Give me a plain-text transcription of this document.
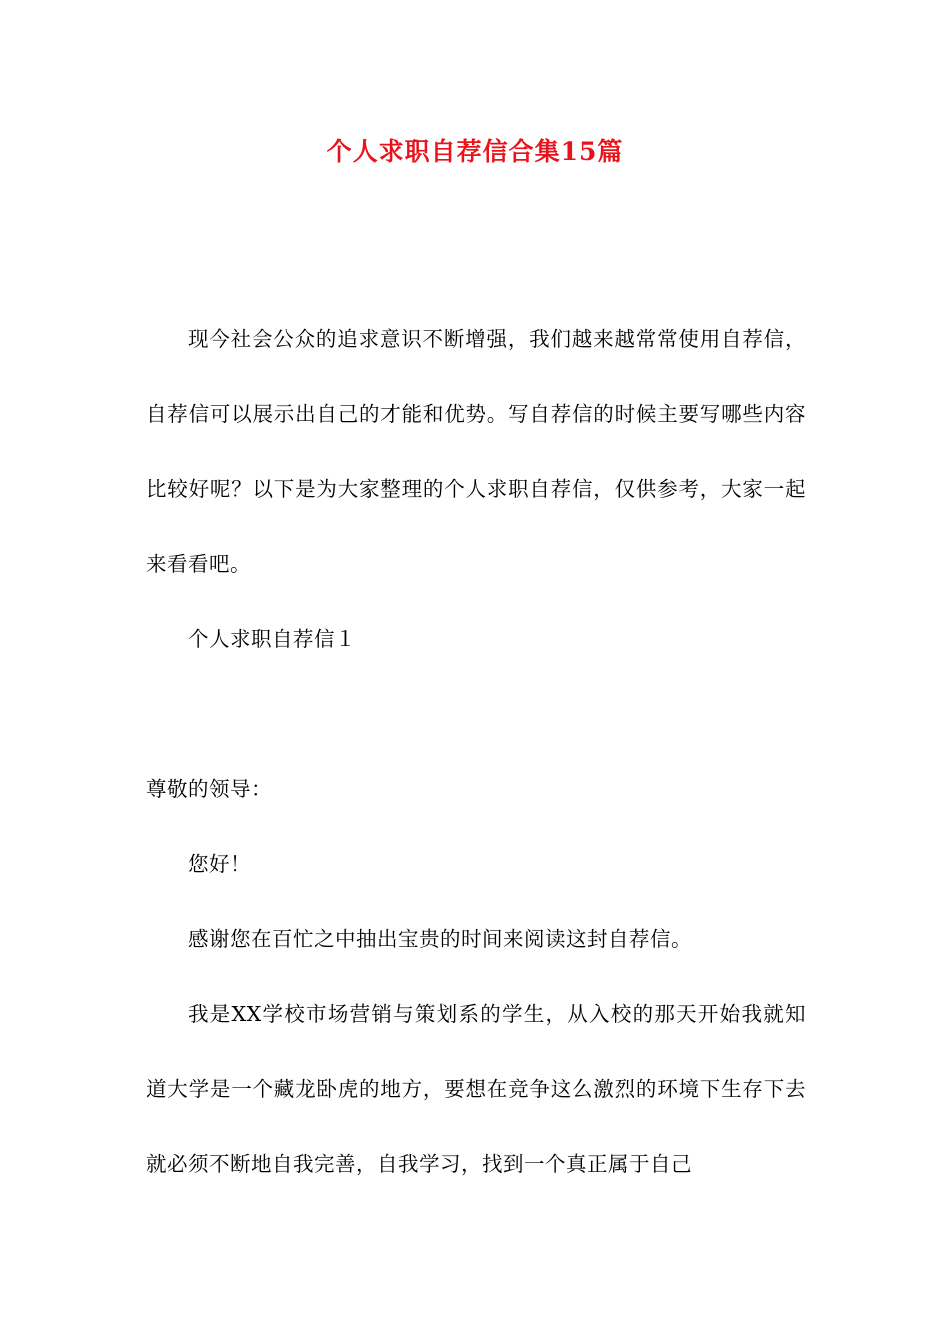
个人求职自荐信合集15篇

现今社会公众的追求意识不断增强，我们越来越常常使用自荐信，自荐信可以展示出自己的才能和优势。写自荐信的时候主要写哪些内容比较好呢？以下是为大家整理的个人求职自荐信，仅供参考，大家一起来看看吧。

个人求职自荐信１

尊敬的领导：

您好！

感谢您在百忙之中抽出宝贵的时间来阅读这封自荐信。

我是XX学校市场营销与策划系的学生，从入校的那天开始我就知道大学是一个藏龙卧虎的地方，要想在竞争这么激烈的环境下生存下去就必须不断地自我完善，自我学习，找到一个真正属于自己
